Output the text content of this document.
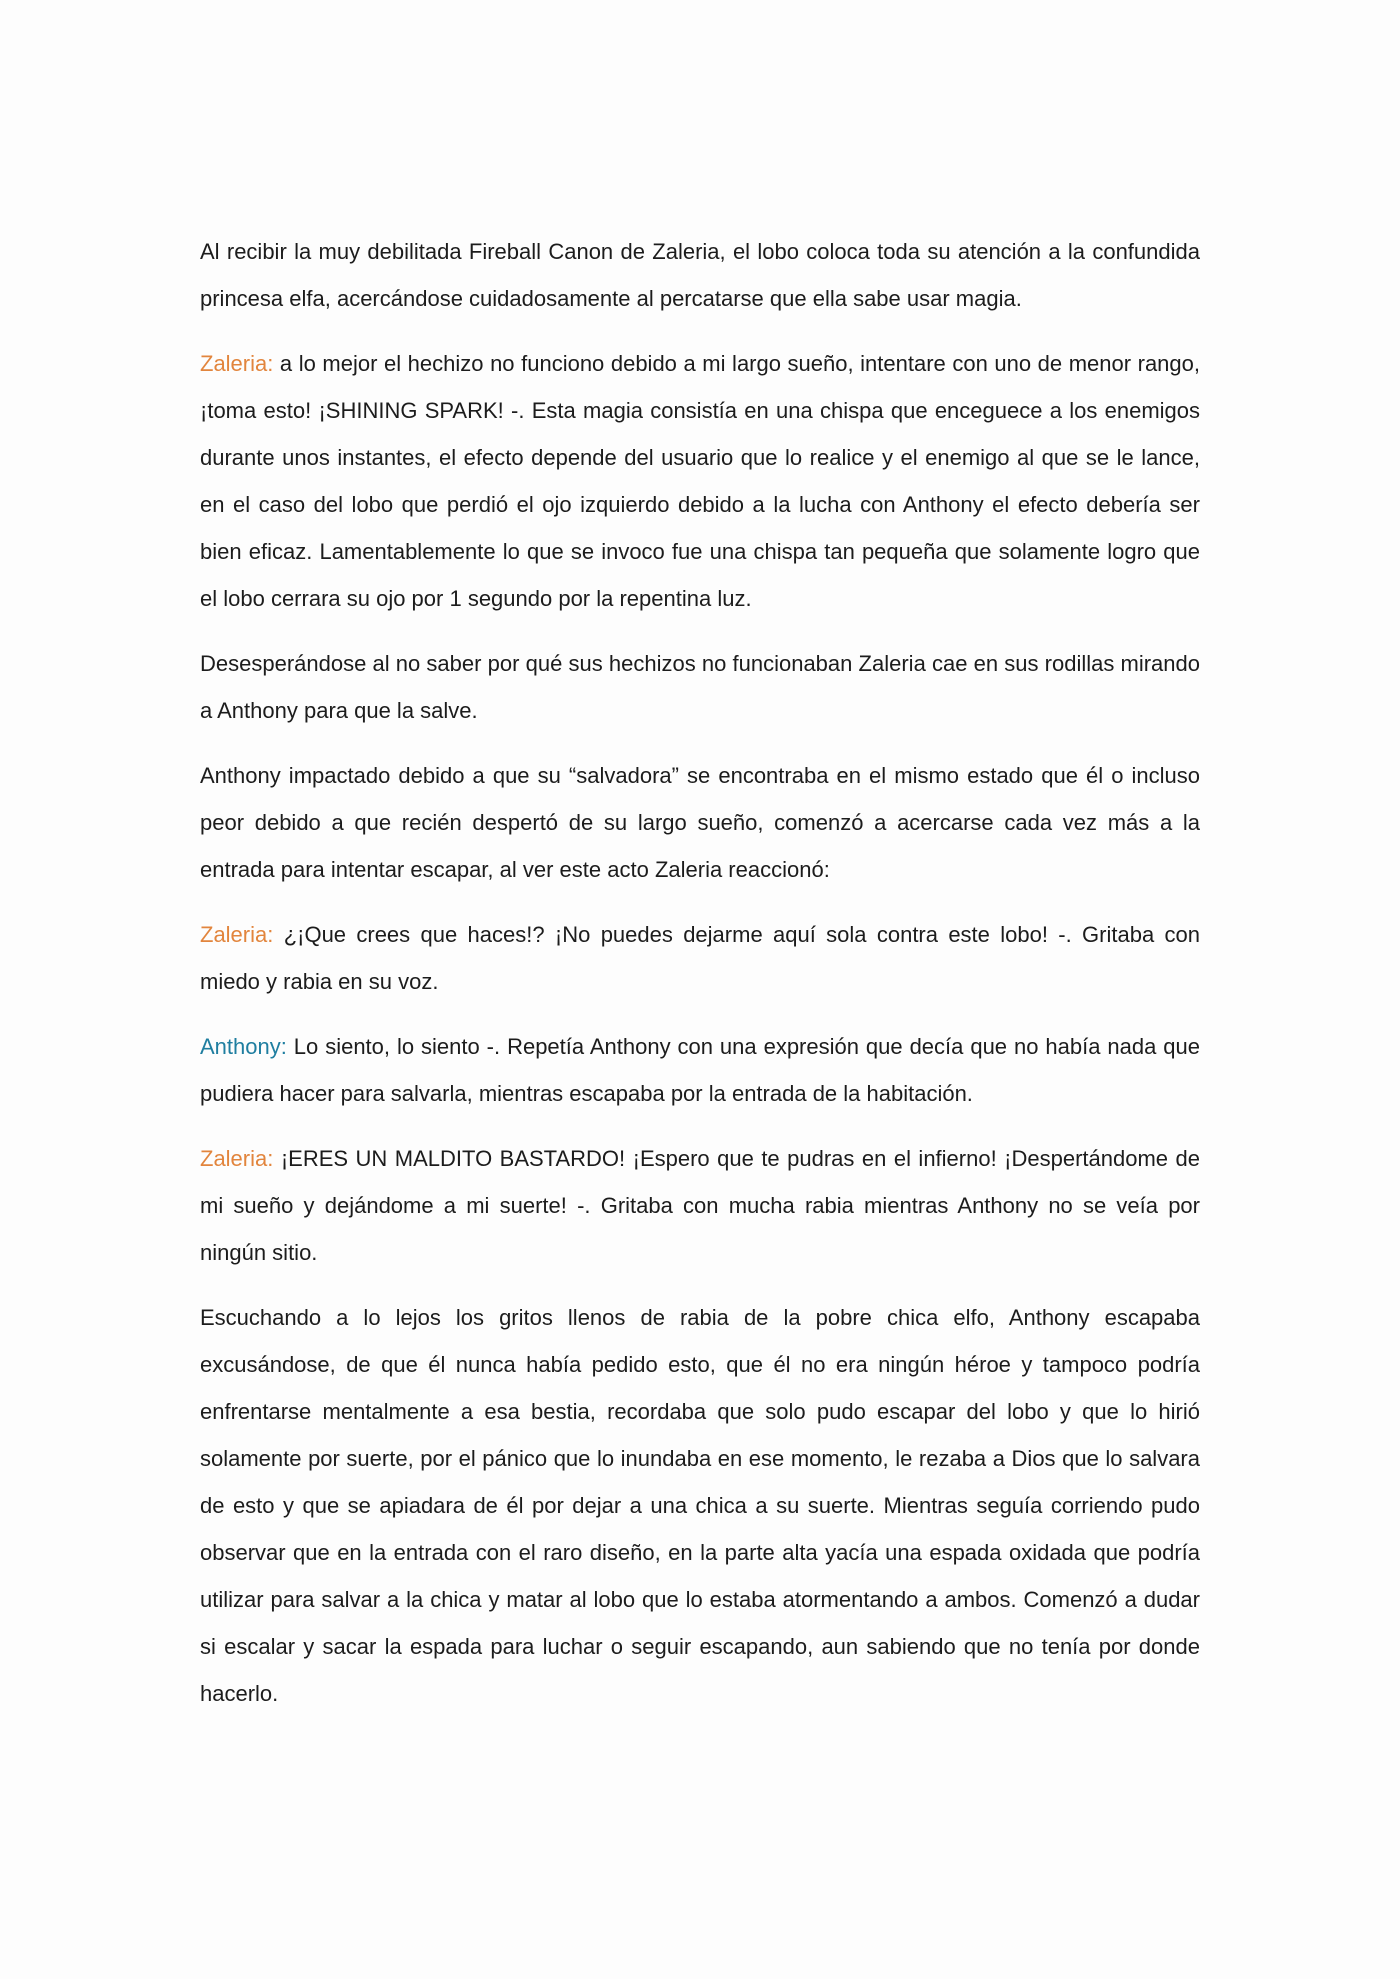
Al recibir la muy debilitada Fireball Canon de Zaleria, el lobo coloca toda su atención a la confundida princesa elfa, acercándose cuidadosamente al percatarse que ella sabe usar magia.

Zaleria: a lo mejor el hechizo no funciono debido a mi largo sueño, intentare con uno de menor rango, ¡toma esto! ¡SHINING SPARK! -. Esta magia consistía en una chispa que enceguece a los enemigos durante unos instantes, el efecto depende del usuario que lo realice y el enemigo al que se le lance, en el caso del lobo que perdió el ojo izquierdo debido a la lucha con Anthony el efecto debería ser bien eficaz. Lamentablemente lo que se invoco fue una chispa tan pequeña que solamente logro que el lobo cerrara su ojo por 1 segundo por la repentina luz.

Desesperándose al no saber por qué sus hechizos no funcionaban Zaleria cae en sus rodillas mirando a Anthony para que la salve.

Anthony impactado debido a que su “salvadora” se encontraba en el mismo estado que él o incluso peor debido a que recién despertó de su largo sueño, comenzó a acercarse cada vez más a la entrada para intentar escapar, al ver este acto Zaleria reaccionó:

Zaleria: ¿¡Que crees que haces!? ¡No puedes dejarme aquí sola contra este lobo! -. Gritaba con miedo y rabia en su voz.

Anthony: Lo siento, lo siento -. Repetía Anthony con una expresión que decía que no había nada que pudiera hacer para salvarla, mientras escapaba por la entrada de la habitación.

Zaleria: ¡ERES UN MALDITO BASTARDO! ¡Espero que te pudras en el infierno! ¡Despertándome de mi sueño y dejándome a mi suerte! -. Gritaba con mucha rabia mientras Anthony no se veía por ningún sitio.

Escuchando a lo lejos los gritos llenos de rabia de la pobre chica elfo, Anthony escapaba excusándose, de que él nunca había pedido esto, que él no era ningún héroe y tampoco podría enfrentarse mentalmente a esa bestia, recordaba que solo pudo escapar del lobo y que lo hirió solamente por suerte, por el pánico que lo inundaba en ese momento, le rezaba a Dios que lo salvara de esto y que se apiadara de él por dejar a una chica a su suerte. Mientras seguía corriendo pudo observar que en la entrada con el raro diseño, en la parte alta yacía una espada oxidada que podría utilizar para salvar a la chica y matar al lobo que lo estaba atormentando a ambos. Comenzó a dudar si escalar y sacar la espada para luchar o seguir escapando, aun sabiendo que no tenía por donde hacerlo.
